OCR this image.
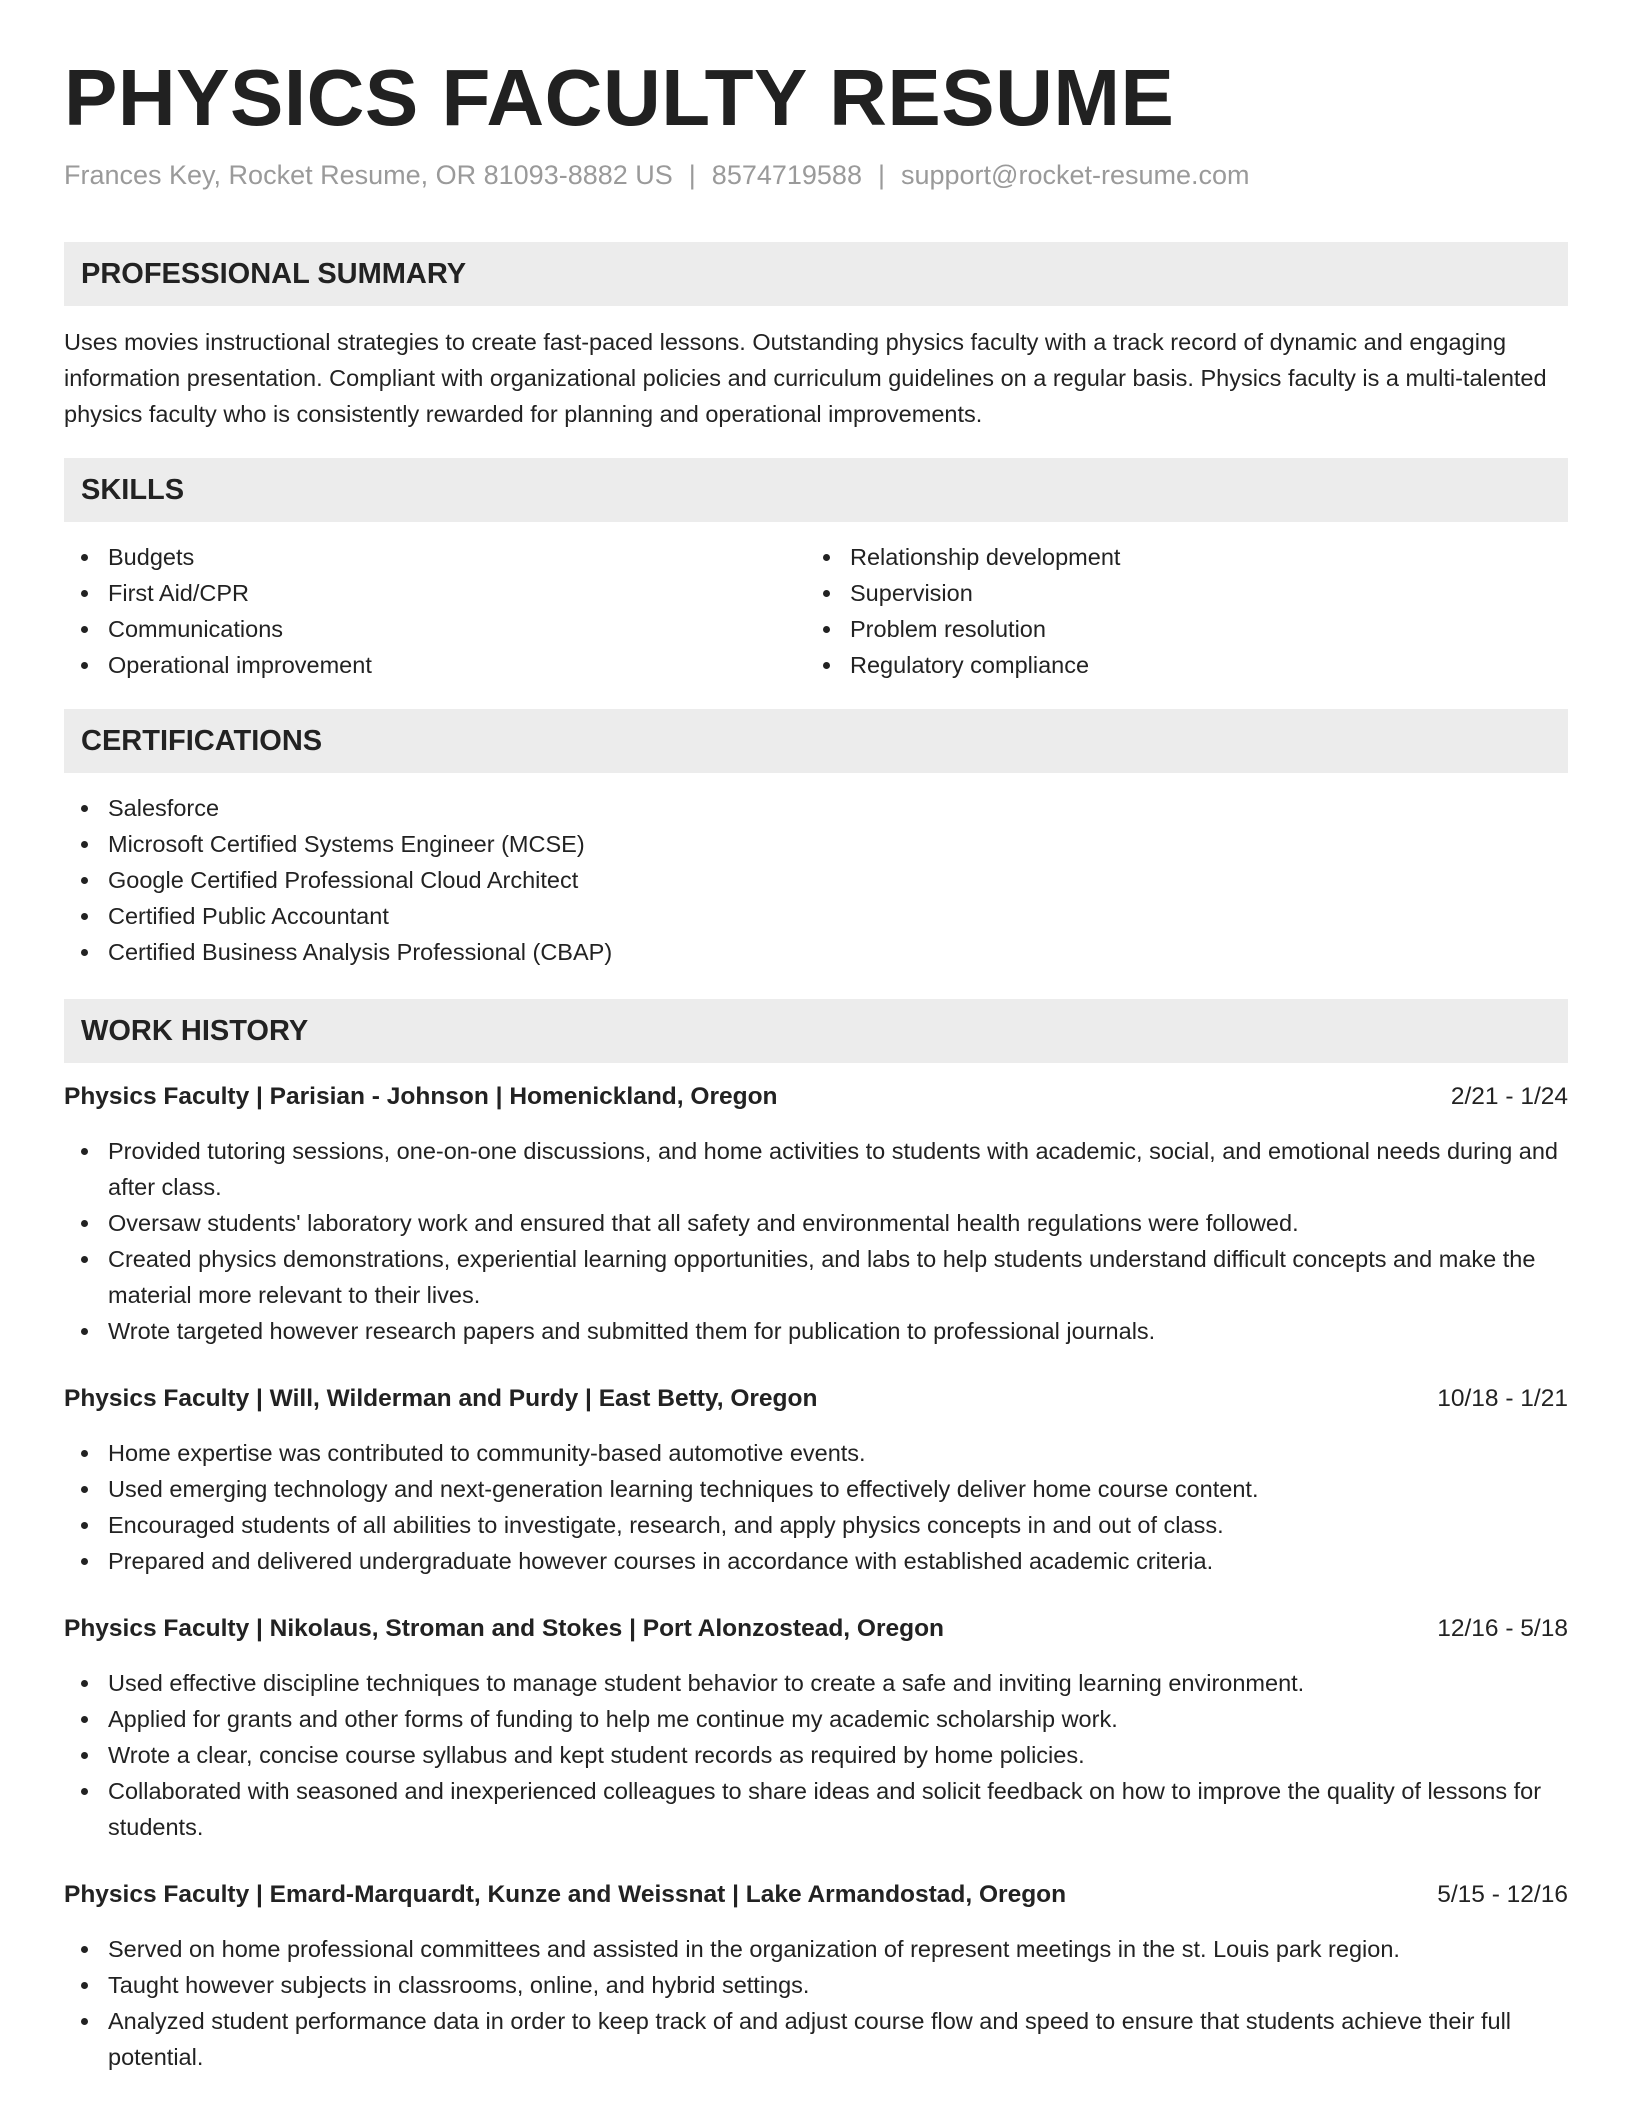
PHYSICS FACULTY RESUME
Frances Key, Rocket Resume, OR 81093-8882 US | 8574719588 | support@rocket-resume.com
PROFESSIONAL SUMMARY

Uses movies instructional strategies to create fast-paced lessons. Outstanding physics faculty with a track record of dynamic and engaging information presentation. Compliant with organizational policies and curriculum guidelines on a regular basis. Physics faculty is a multi-talented physics faculty who is consistently rewarded for planning and operational improvements.

SKILLS
Budgets
First Aid/CPR
Communications
Operational improvement
Relationship development
Supervision
Problem resolution
Regulatory compliance
CERTIFICATIONS
Salesforce
Microsoft Certified Systems Engineer (MCSE)
Google Certified Professional Cloud Architect
Certified Public Accountant
Certified Business Analysis Professional (CBAP)
WORK HISTORY
Physics Faculty | Parisian - Johnson | Homenickland, Oregon	2/21 - 1/24
Provided tutoring sessions, one-on-one discussions, and home activities to students with academic, social, and emotional needs during and after class.
Oversaw students' laboratory work and ensured that all safety and environmental health regulations were followed.
Created physics demonstrations, experiential learning opportunities, and labs to help students understand difficult concepts and make the material more relevant to their lives.
Wrote targeted however research papers and submitted them for publication to professional journals.
Physics Faculty | Will, Wilderman and Purdy | East Betty, Oregon	10/18 - 1/21
Home expertise was contributed to community-based automotive events.
Used emerging technology and next-generation learning techniques to effectively deliver home course content.
Encouraged students of all abilities to investigate, research, and apply physics concepts in and out of class.
Prepared and delivered undergraduate however courses in accordance with established academic criteria.
Physics Faculty | Nikolaus, Stroman and Stokes | Port Alonzostead, Oregon	12/16 - 5/18
Used effective discipline techniques to manage student behavior to create a safe and inviting learning environment.
Applied for grants and other forms of funding to help me continue my academic scholarship work.
Wrote a clear, concise course syllabus and kept student records as required by home policies.
Collaborated with seasoned and inexperienced colleagues to share ideas and solicit feedback on how to improve the quality of lessons for students.
Physics Faculty | Emard-Marquardt, Kunze and Weissnat | Lake Armandostad, Oregon	5/15 - 12/16
Served on home professional committees and assisted in the organization of represent meetings in the st. Louis park region.
Taught however subjects in classrooms, online, and hybrid settings.
Analyzed student performance data in order to keep track of and adjust course flow and speed to ensure that students achieve their full potential.
